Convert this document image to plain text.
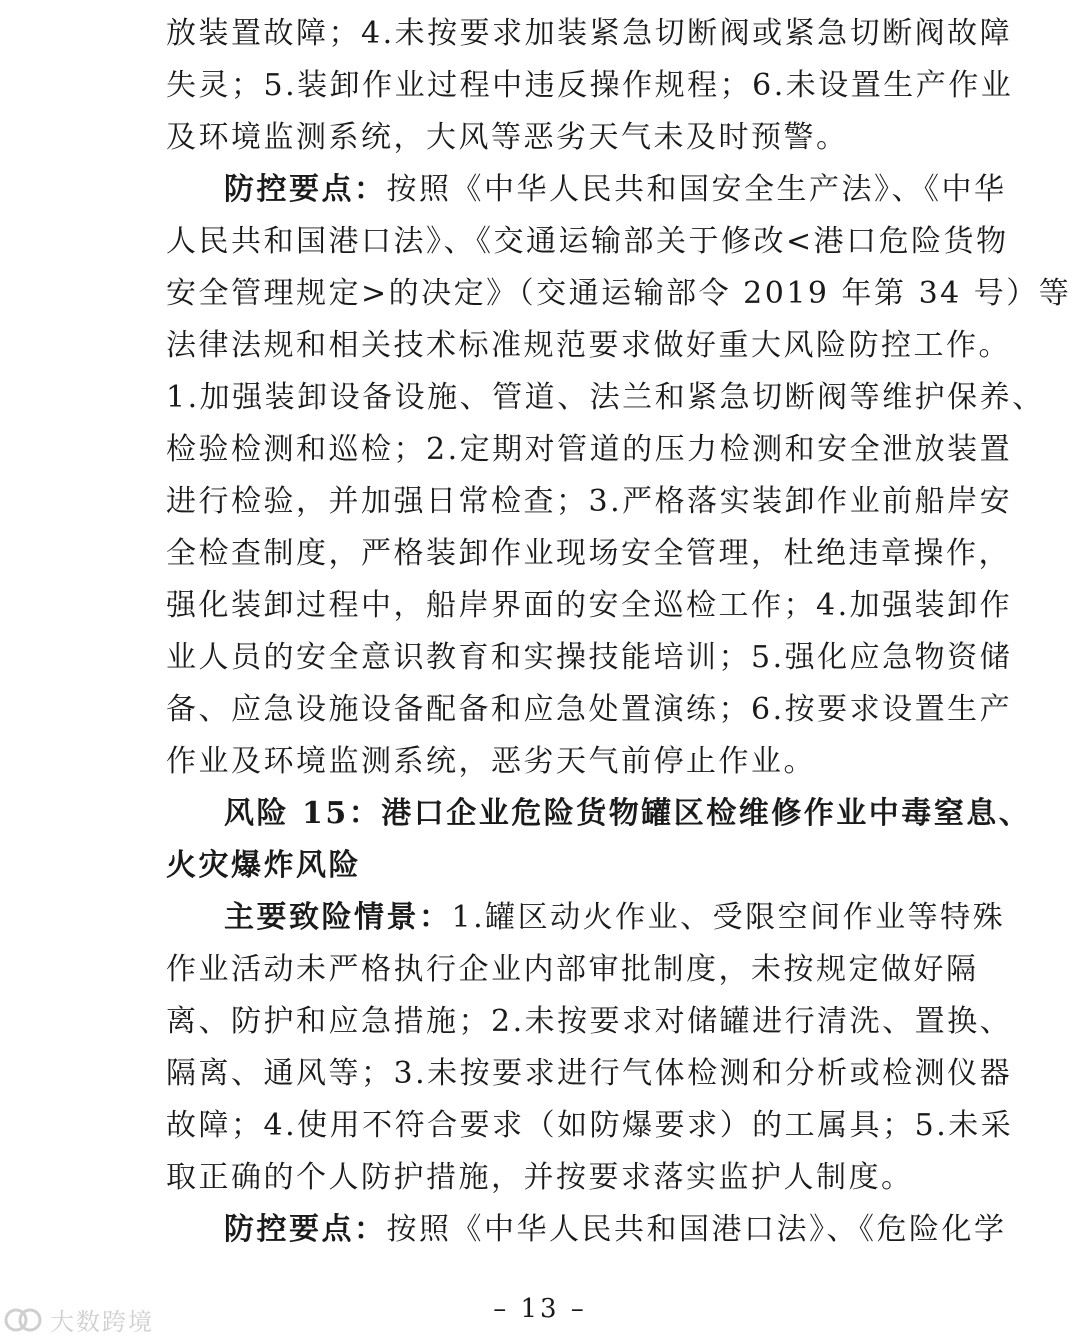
放装置故障；4.未按要求加装紧急切断阀或紧急切断阀故障
失灵；5.装卸作业过程中违反操作规程；6.未设置生产作业
及环境监测系统，大风等恶劣天气未及时预警。
防控要点：按照《中华人民共和国安全生产法》、《中华
人民共和国港口法》、《交通运输部关于修改<港口危险货物
安全管理规定>的决定》（交通运输部令 2019 年第 34 号）等
法律法规和相关技术标准规范要求做好重大风险防控工作。
1.加强装卸设备设施、管道、法兰和紧急切断阀等维护保养、
检验检测和巡检；2.定期对管道的压力检测和安全泄放装置
进行检验，并加强日常检查；3.严格落实装卸作业前船岸安
全检查制度，严格装卸作业现场安全管理，杜绝违章操作，
强化装卸过程中，船岸界面的安全巡检工作；4.加强装卸作
业人员的安全意识教育和实操技能培训；5.强化应急物资储
备、应急设施设备配备和应急处置演练；6.按要求设置生产
作业及环境监测系统，恶劣天气前停止作业。
风险 15：港口企业危险货物罐区检维修作业中毒窒息、
火灾爆炸风险
主要致险情景：1.罐区动火作业、受限空间作业等特殊
作业活动未严格执行企业内部审批制度，未按规定做好隔
离、防护和应急措施；2.未按要求对储罐进行清洗、置换、
隔离、通风等；3.未按要求进行气体检测和分析或检测仪器
故障；4.使用不符合要求（如防爆要求）的工属具；5.未采
取正确的个人防护措施，并按要求落实监护人制度。
防控要点：按照《中华人民共和国港口法》、《危险化学
– 13 –
大数跨境
